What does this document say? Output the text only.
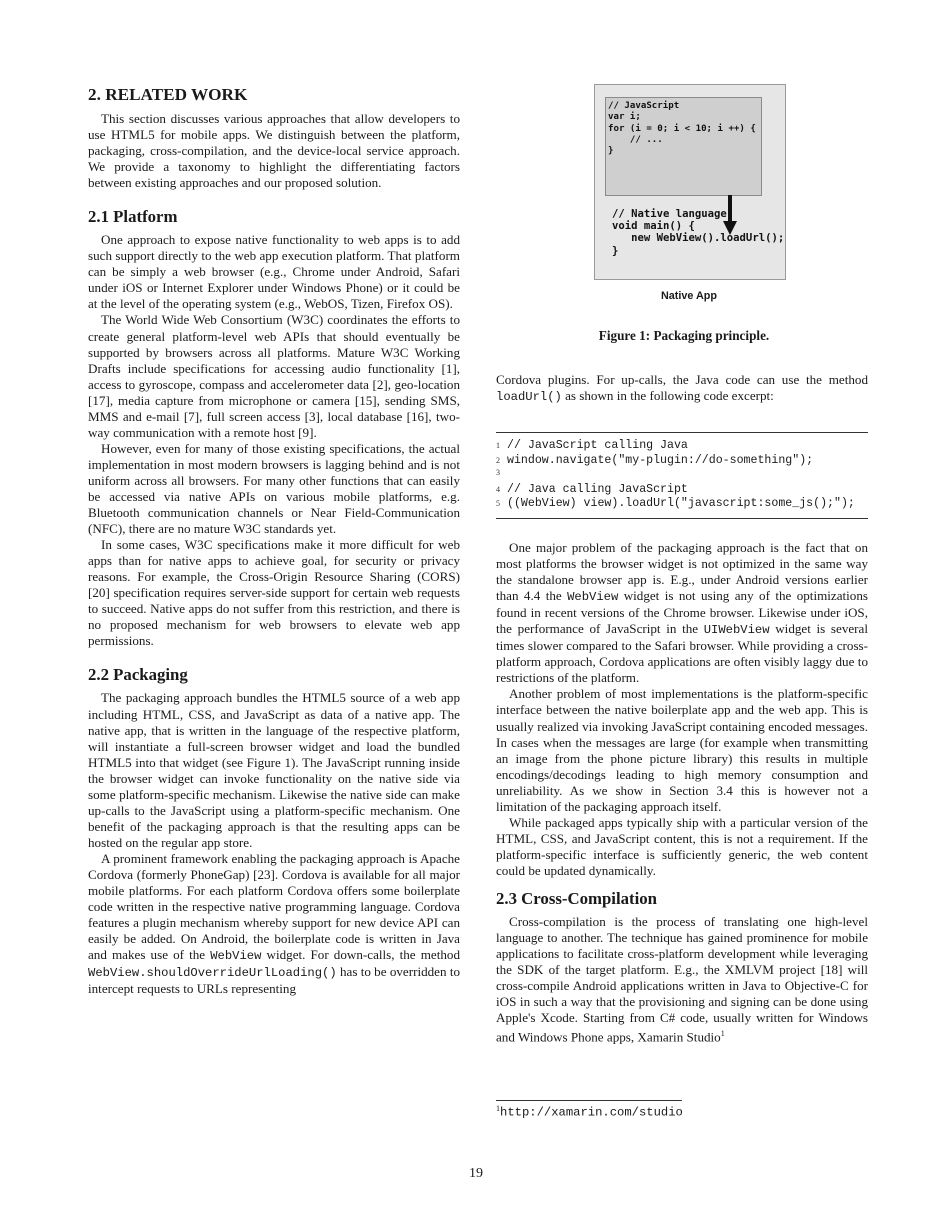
2. RELATED WORK

This section discusses various approaches that allow developers to use HTML5 for mobile apps. We distinguish between the platform, packaging, cross-compilation, and the device-local service approach. We provide a taxonomy to highlight the differentiating factors between existing approaches and our proposed solution.

2.1 Platform

One approach to expose native functionality to web apps is to add such support directly to the web app execution platform. That platform can be simply a web browser (e.g., Chrome under Android, Safari under iOS or Internet Explorer under Windows Phone) or it could be at the level of the operating system (e.g., WebOS, Tizen, Firefox OS).

The World Wide Web Consortium (W3C) coordinates the efforts to create general platform-level web APIs that should eventually be supported by browsers across all platforms. Mature W3C Working Drafts include specifications for accessing audio functionality [1], access to gyroscope, compass and accelerometer data [2], geo-location [17], media capture from microphone or camera [15], sending SMS, MMS and e-mail [7], full screen access [3], local database [16], two-way communication with a remote host [9].

However, even for many of those existing specifications, the actual implementation in most modern browsers is lagging behind and is not uniform across all browsers. For many other functions that can easily be accessed via native APIs on various mobile platforms, e.g. Bluetooth communication channels or Near Field-Communication (NFC), there are no mature W3C standards yet.

In some cases, W3C specifications make it more difficult for web apps than for native apps to achieve goal, for security or privacy reasons. For example, the Cross-Origin Resource Sharing (CORS) [20] specification requires server-side support for certain web requests to succeed. Native apps do not suffer from this restriction, and there is no proposed mechanism for web browsers to elevate web app permissions.

2.2 Packaging

The packaging approach bundles the HTML5 source of a web app including HTML, CSS, and JavaScript as data of a native app. The native app, that is written in the language of the respective platform, will instantiate a full-screen browser widget and load the bundled HTML5 into that widget (see Figure 1). The JavaScript running inside the browser widget can invoke functionality on the native side via some platform-specific mechanism. Likewise the native side can make up-calls to the JavaScript using a platform-specific mechanism. One benefit of the packaging approach is that the resulting apps can be hosted on the regular app store.

A prominent framework enabling the packaging approach is Apache Cordova (formerly PhoneGap) [23]. Cordova is available for all major mobile platforms. For each platform Cordova offers some boilerplate code written in the respective native programming language. Cordova features a plugin mechanism whereby support for new device API can easily be added. On Android, the boilerplate code is written in Java and makes use of the WebView widget. For down-calls, the method WebView.shouldOverrideUrlLoading() has to be overridden to intercept requests to URLs representing

// JavaScript
var i;
for (i = 0; i < 10; i ++) {
// ...
}
// Native language
void main() {
new WebView().loadUrl();
}
Native App
Figure 1: Packaging principle.

Cordova plugins. For up-calls, the Java code can use the method loadUrl() as shown in the following code excerpt:

1 // JavaScript calling Java
2 window.navigate("my-plugin://do-something");
3
4 // Java calling JavaScript
5 ((WebView) view).loadUrl("javascript:some_js();");

One major problem of the packaging approach is the fact that on most platforms the browser widget is not optimized in the same way the standalone browser app is. E.g., under Android versions earlier than 4.4 the WebView widget is not using any of the optimizations found in recent versions of the Chrome browser. Likewise under iOS, the performance of JavaScript in the UIWebView widget is several times slower compared to the Safari browser. While providing a cross-platform approach, Cordova applications are often visibly laggy due to restrictions of the platform.

Another problem of most implementations is the platform-specific interface between the native boilerplate app and the web app. This is usually realized via invoking JavaScript containing encoded messages. In cases when the messages are large (for example when transmitting an image from the phone picture library) this results in multiple encodings/decodings leading to high memory consumption and unreliability. As we show in Section 3.4 this is however not a limitation of the packaging approach itself.

While packaged apps typically ship with a particular version of the HTML, CSS, and JavaScript content, this is not a requirement. If the platform-specific interface is sufficiently generic, the web content could be updated dynamically.

2.3 Cross-Compilation

Cross-compilation is the process of translating one high-level language to another. The technique has gained prominence for mobile applications to facilitate cross-platform development while leveraging the SDK of the target platform. E.g., the XMLVM project [18] will cross-compile Android applications written in Java to Objective-C for iOS in such a way that the provisioning and signing can be done using Apple's Xcode. Starting from C# code, usually written for Windows and Windows Phone apps, Xamarin Studio$^1$

$^1$http://xamarin.com/studio
19
